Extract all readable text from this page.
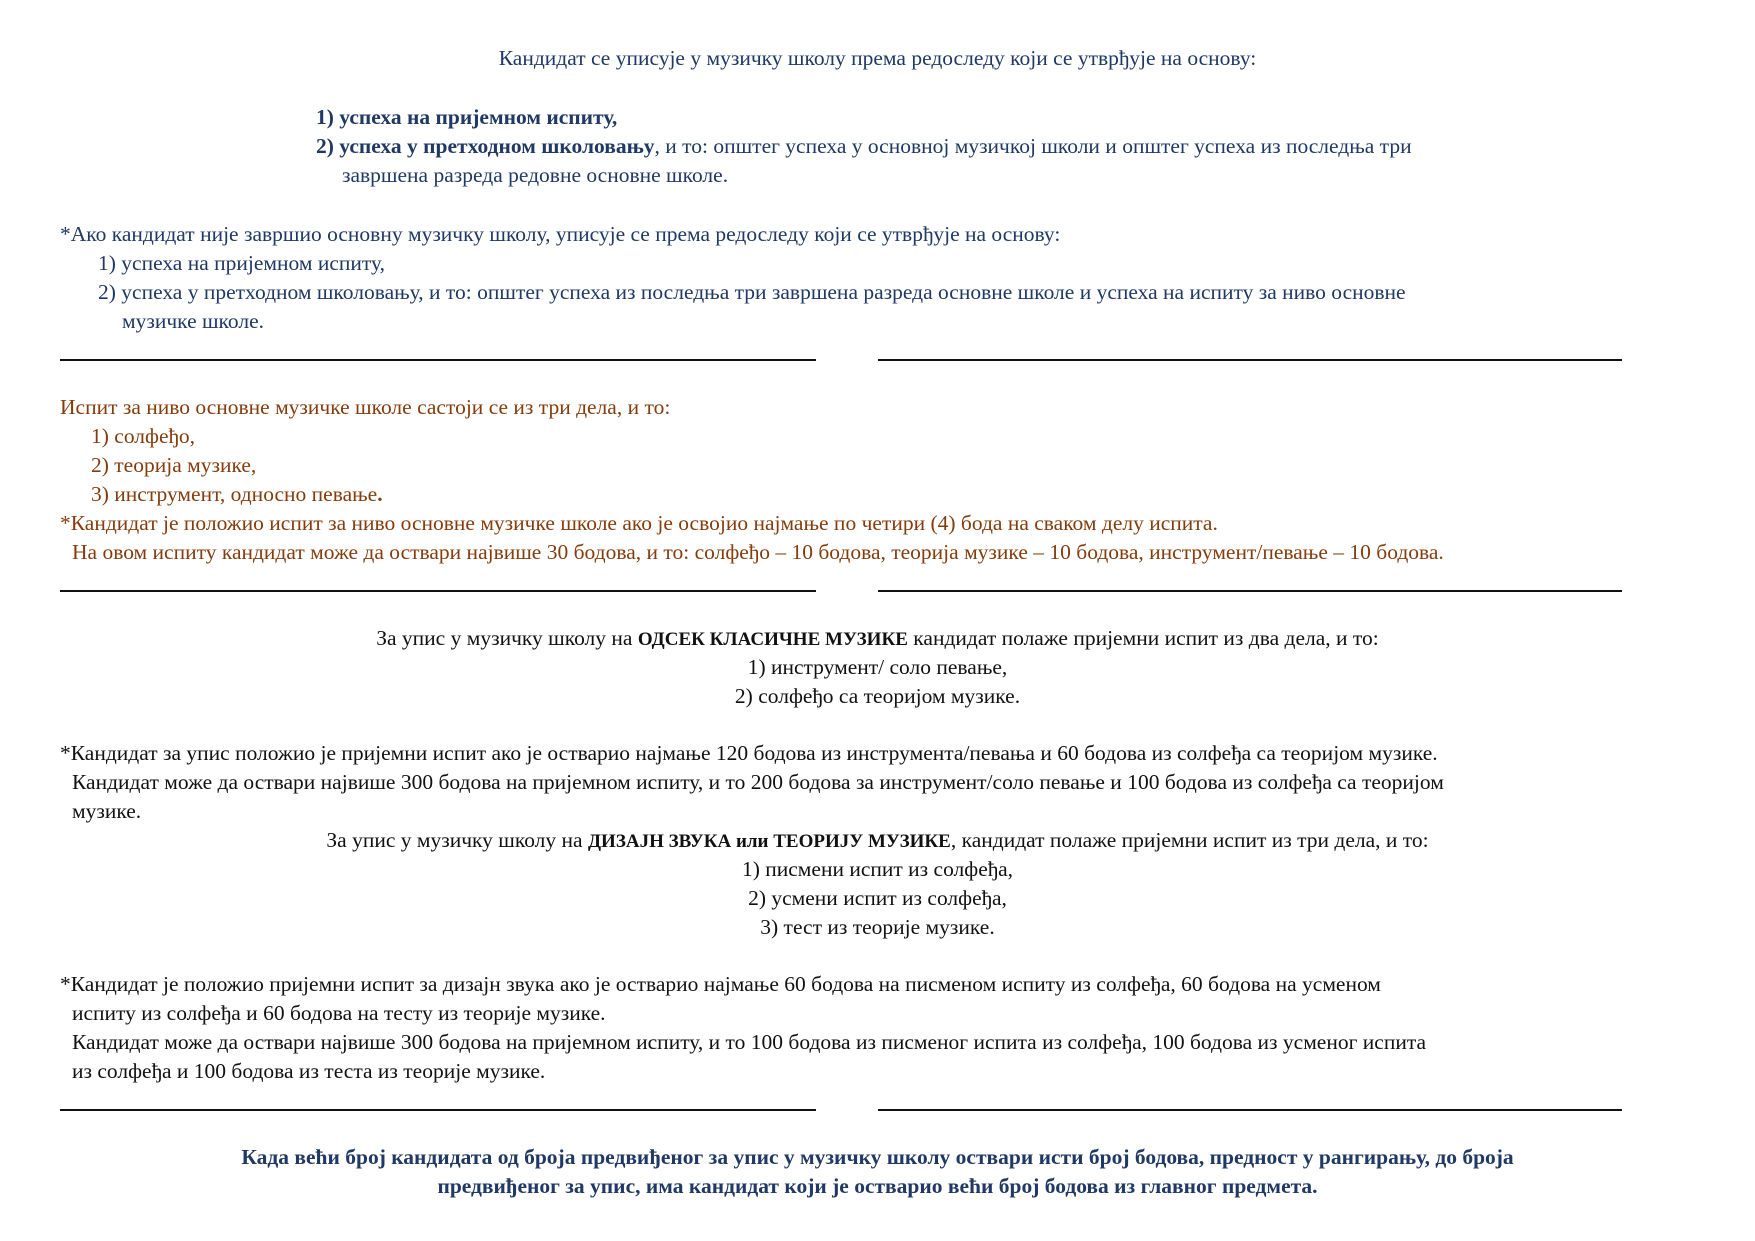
Кандидат се уписује у музичку школу према редоследу који се утврђује на основу:
1) успеха на пријемном испиту,
2) успеха у претходном школовању, и то: општег успеха у основној музичкој школи и општег успеха из последња три
завршена разреда редовне основне школе.
*Ако кандидат није завршио основну музичку школу, уписује се према редоследу који се утврђује на основу:
1) успеха на пријемном испиту,
2) успеха у претходном школовању, и то: општег успеха из последња три завршена разреда основне школе и успеха на испиту за ниво основне
музичке школе.
Испит за ниво основне музичке школе састоји се из три дела, и то:
1) солфеђо,
2) теорија музике,
3) инструмент, односно певање.
*Кандидат је положио испит за ниво основне музичке школе ако је освојио најмање по четири (4) бода на сваком делу испита.
На овом испиту кандидат може да оствари највише 30 бодова, и то: солфеђо – 10 бодова, теорија музике – 10 бодова, инструмент/певање – 10 бодова.
За упис у музичку школу на ОДСЕК КЛАСИЧНЕ МУЗИКЕ кандидат полаже пријемни испит из два дела, и то:
1) инструмент/ соло певање,
2) солфеђо са теоријом музике.
*Кандидат за упис положио је пријемни испит ако је остварио најмање 120 бодова из инструмента/певања и 60 бодова из солфеђа са теоријом музике.
Кандидат може да оствари највише 300 бодова на пријемном испиту, и то 200 бодова за инструмент/соло певање и 100 бодова из солфеђа са теоријом
музике.
За упис у музичку школу на ДИЗАЈН ЗВУКА или ТЕОРИЈУ МУЗИКЕ, кандидат полаже пријемни испит из три дела, и то:
1) писмени испит из солфеђа,
2) усмени испит из солфеђа,
3) тест из теорије музике.
*Кандидат је положио пријемни испит за дизајн звука ако је остварио најмање 60 бодова на писменом испиту из солфеђа, 60 бодова на усменом
испиту из солфеђа и 60 бодова на тесту из теорије музике.
Кандидат може да оствари највише 300 бодова на пријемном испиту, и то 100 бодова из писменог испита из солфеђа, 100 бодова из усменог испита
из солфеђа и 100 бодова из теста из теорије музике.
Када већи број кандидата од броја предвиђеног за упис у музичку школу оствари исти број бодова, предност у рангирању, до броја
предвиђеног за упис, има кандидат који је остварио већи број бодова из главног предмета.
